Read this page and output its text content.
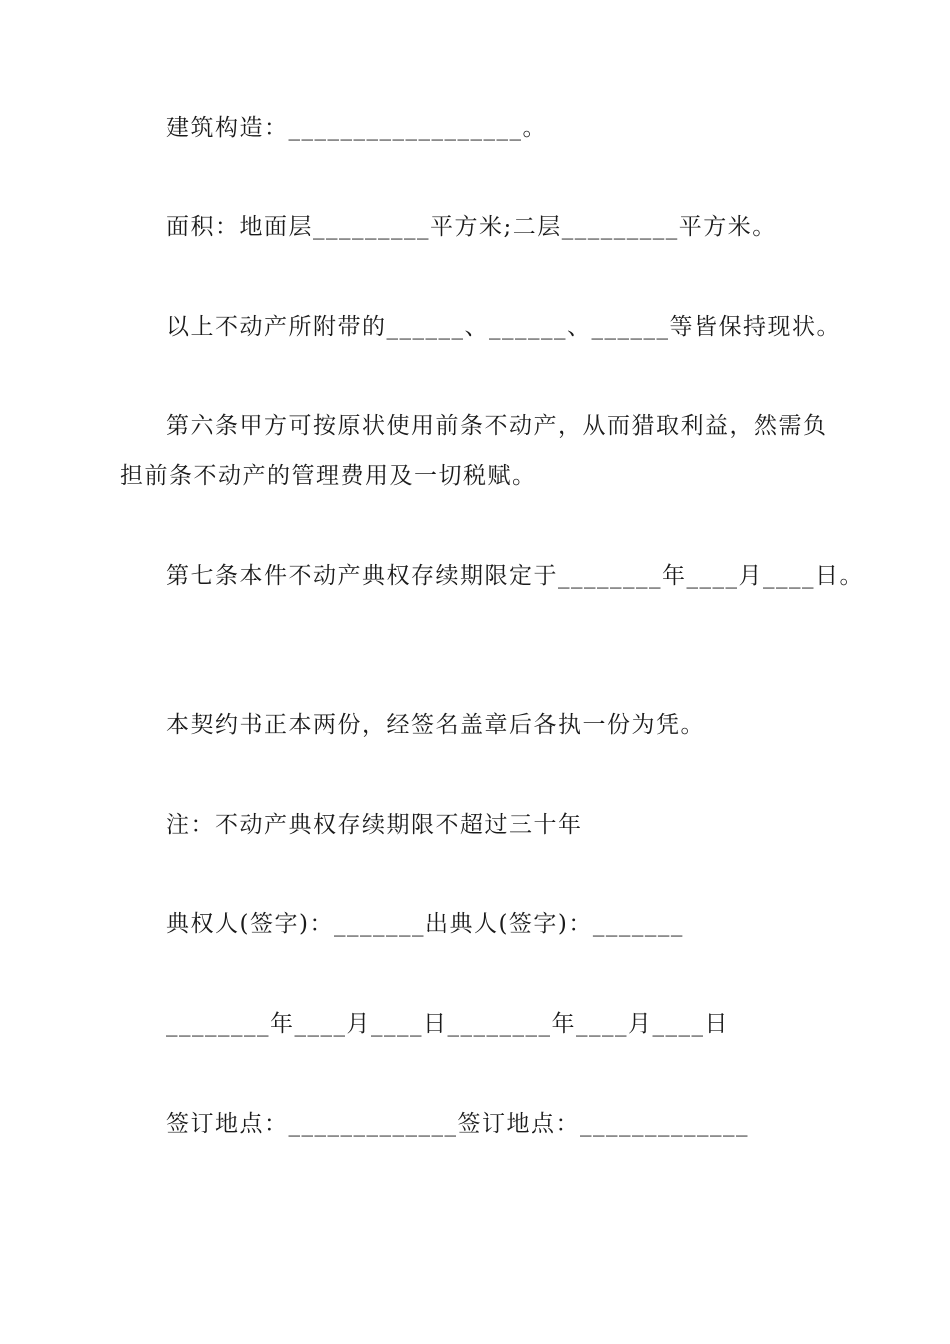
建筑构造：__________________。

面积：地面层_________平方米;二层_________平方米。

以上不动产所附带的______、______、______等皆保持现状。

第六条甲方可按原状使用前条不动产，从而猎取利益，然需负

担前条不动产的管理费用及一切税赋。

第七条本件不动产典权存续期限定于________年____月____日。

本契约书正本两份，经签名盖章后各执一份为凭。

注：不动产典权存续期限不超过三十年

典权人(签字)：_______出典人(签字)：_______

________年____月____日________年____月____日

签订地点：_____________签订地点：_____________
